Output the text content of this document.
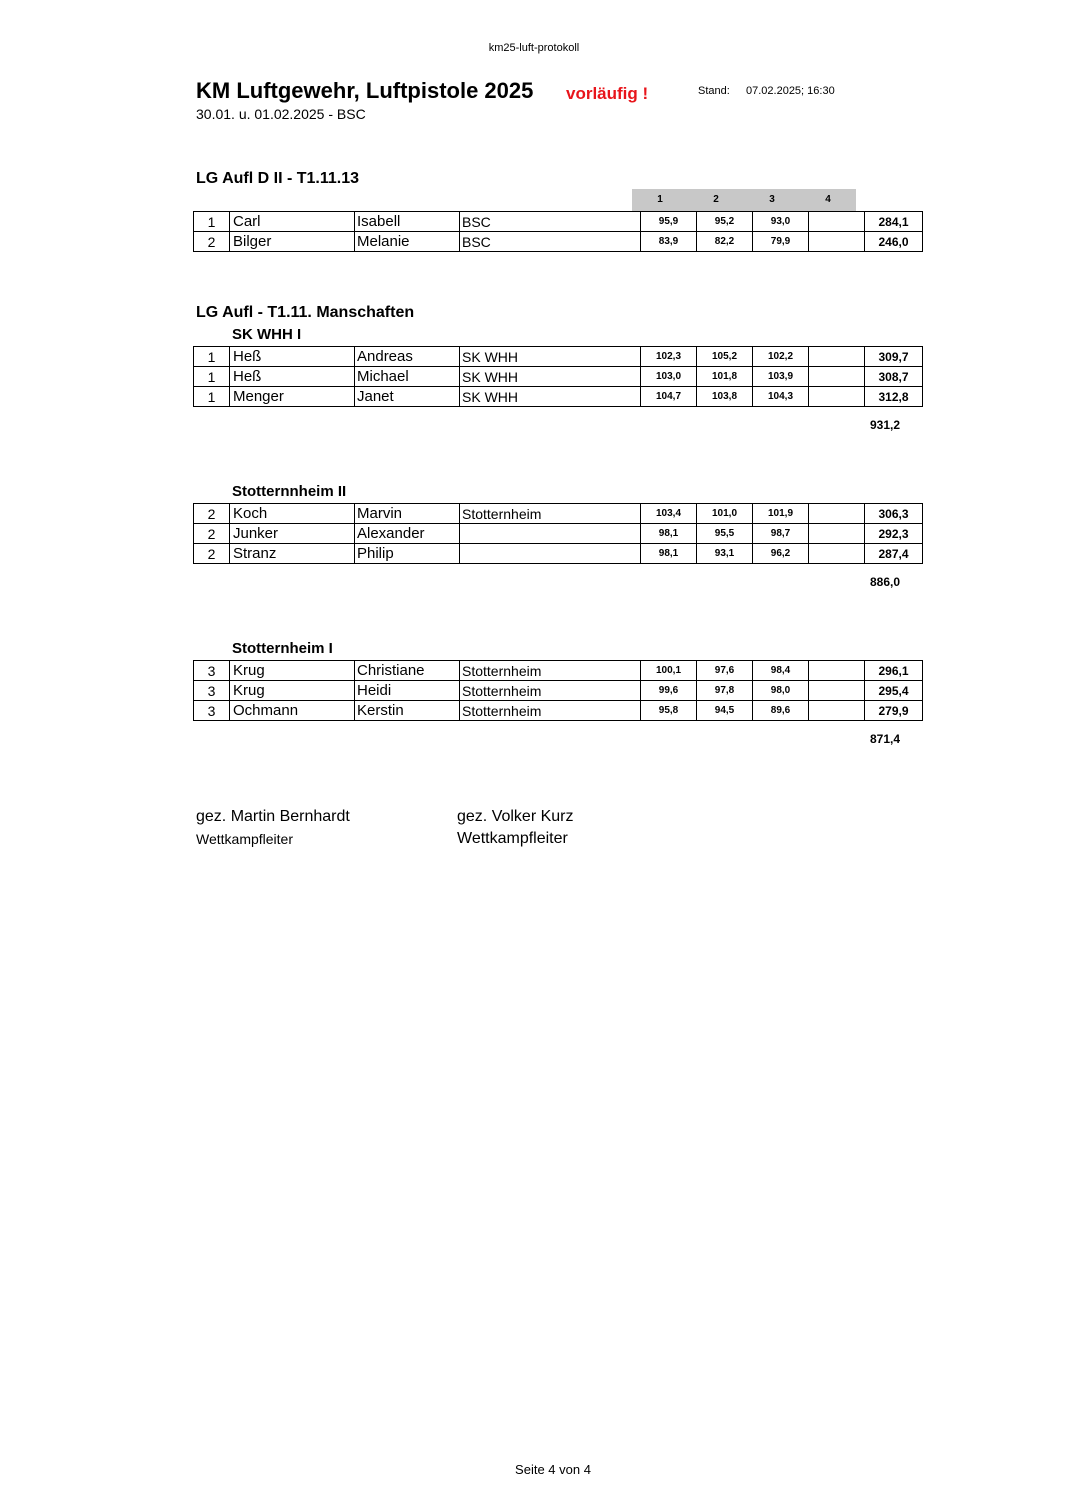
km25-luft-protokoll
KM Luftgewehr, Luftpistole 2025 vorläufig !	Stand: 07.02.2025; 16:30
30.01. u. 01.02.2025 - BSC
LG Aufl D II - T1.11.13
1	2	3	4
1	Carl	Isabell	BSC	95,9	95,2	93,0		284,1
2	Bilger	Melanie	BSC	83,9	82,2	79,9		246,0
LG Aufl - T1.11. Manschaften
SK WHH I
1	Heß	Andreas	SK WHH	102,3	105,2	102,2		309,7
1	Heß	Michael	SK WHH	103,0	101,8	103,9		308,7
1	Menger	Janet	SK WHH	104,7	103,8	104,3		312,8
931,2
Stotternnheim II
2	Koch	Marvin	Stotternheim	103,4	101,0	101,9		306,3
2	Junker	Alexander		98,1	95,5	98,7		292,3
2	Stranz	Philip		98,1	93,1	96,2		287,4
886,0
Stotternheim I
3	Krug	Christiane	Stotternheim	100,1	97,6	98,4		296,1
3	Krug	Heidi	Stotternheim	99,6	97,8	98,0		295,4
3	Ochmann	Kerstin	Stotternheim	95,8	94,5	89,6		279,9
871,4
gez. Martin Bernhardt
Wettkampfleiter
gez. Volker Kurz
Wettkampfleiter
Seite 4 von 4
